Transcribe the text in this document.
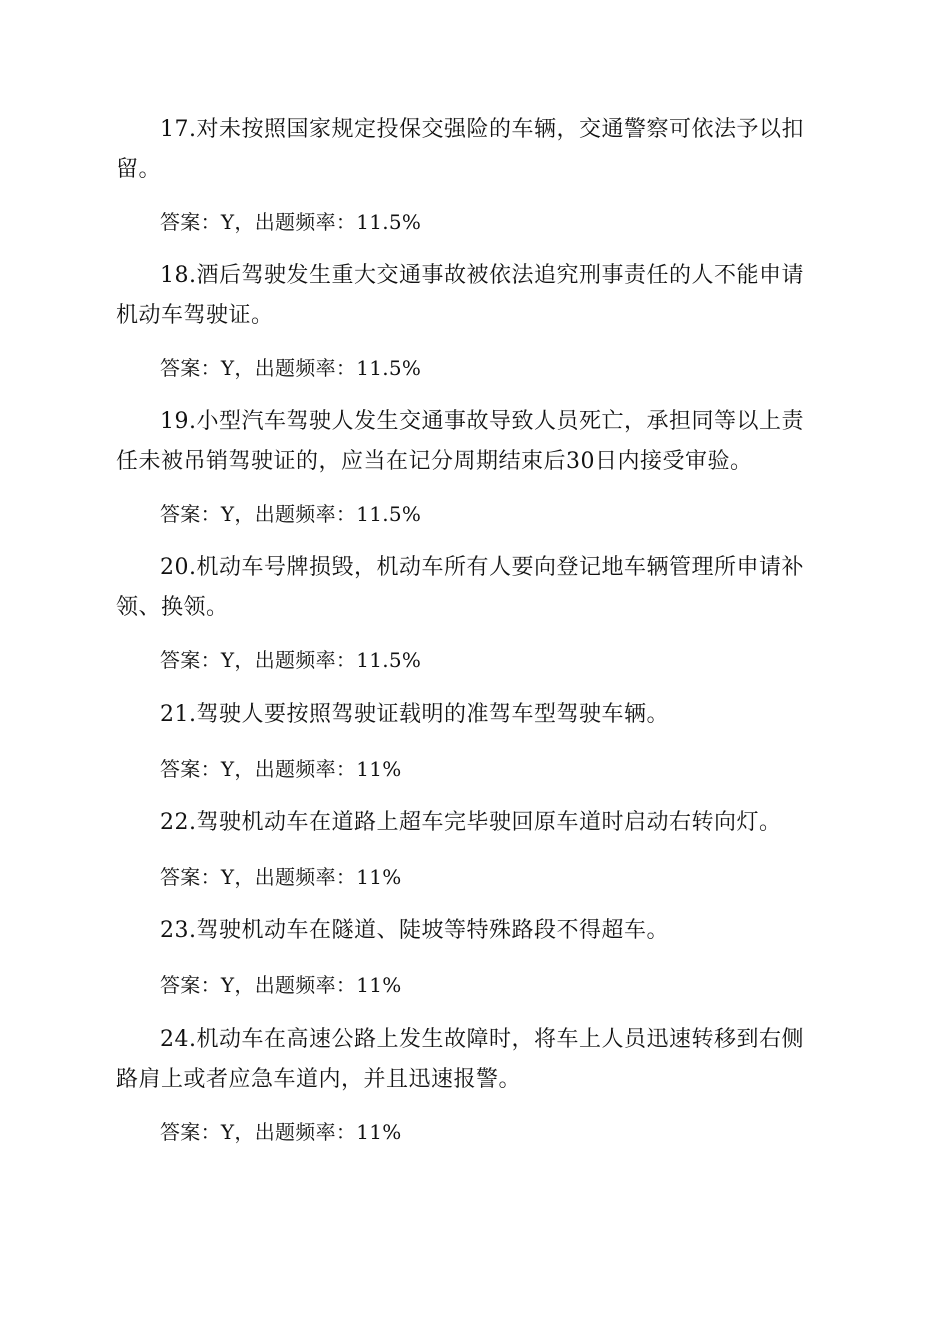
17.对未按照国家规定投保交强险的车辆，交通警察可依法予以扣留。

答案：Y，出题频率：11.5%

18.酒后驾驶发生重大交通事故被依法追究刑事责任的人不能申请机动车驾驶证。

答案：Y，出题频率：11.5%

19.小型汽车驾驶人发生交通事故导致人员死亡，承担同等以上责任未被吊销驾驶证的，应当在记分周期结束后30日内接受审验。

答案：Y，出题频率：11.5%

20.机动车号牌损毁，机动车所有人要向登记地车辆管理所申请补领、换领。

答案：Y，出题频率：11.5%

21.驾驶人要按照驾驶证载明的准驾车型驾驶车辆。

答案：Y，出题频率：11%

22.驾驶机动车在道路上超车完毕驶回原车道时启动右转向灯。

答案：Y，出题频率：11%

23.驾驶机动车在隧道、陡坡等特殊路段不得超车。

答案：Y，出题频率：11%

24.机动车在高速公路上发生故障时，将车上人员迅速转移到右侧路肩上或者应急车道内，并且迅速报警。

答案：Y，出题频率：11%
